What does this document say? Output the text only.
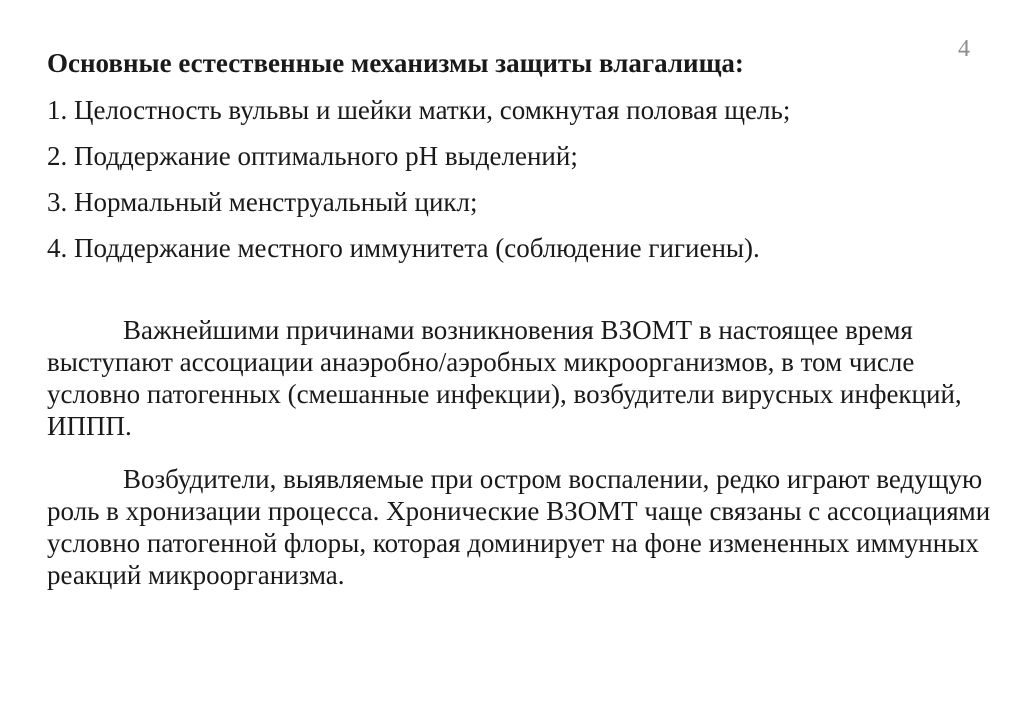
4
Основные естественные механизмы защиты влагалища:
1. Целостность вульвы и шейки матки, сомкнутая половая щель;
2. Поддержание оптимального рН выделений;
3. Нормальный менструальный цикл;
4. Поддержание местного иммунитета (соблюдение гигиены).

Важнейшими причинами возникновения ВЗОМТ в настоящее время выступают ассоциации анаэробно/аэробных микроорганизмов, в том числе условно патогенных (смешанные инфекции), возбудители вирусных инфекций, ИППП.

Возбудители, выявляемые при остром воспалении, редко играют ведущую роль в хронизации процесса. Хронические ВЗОМТ чаще связаны с ассоциациями условно патогенной флоры, которая доминирует на фоне измененных иммунных реакций микроорганизма.
